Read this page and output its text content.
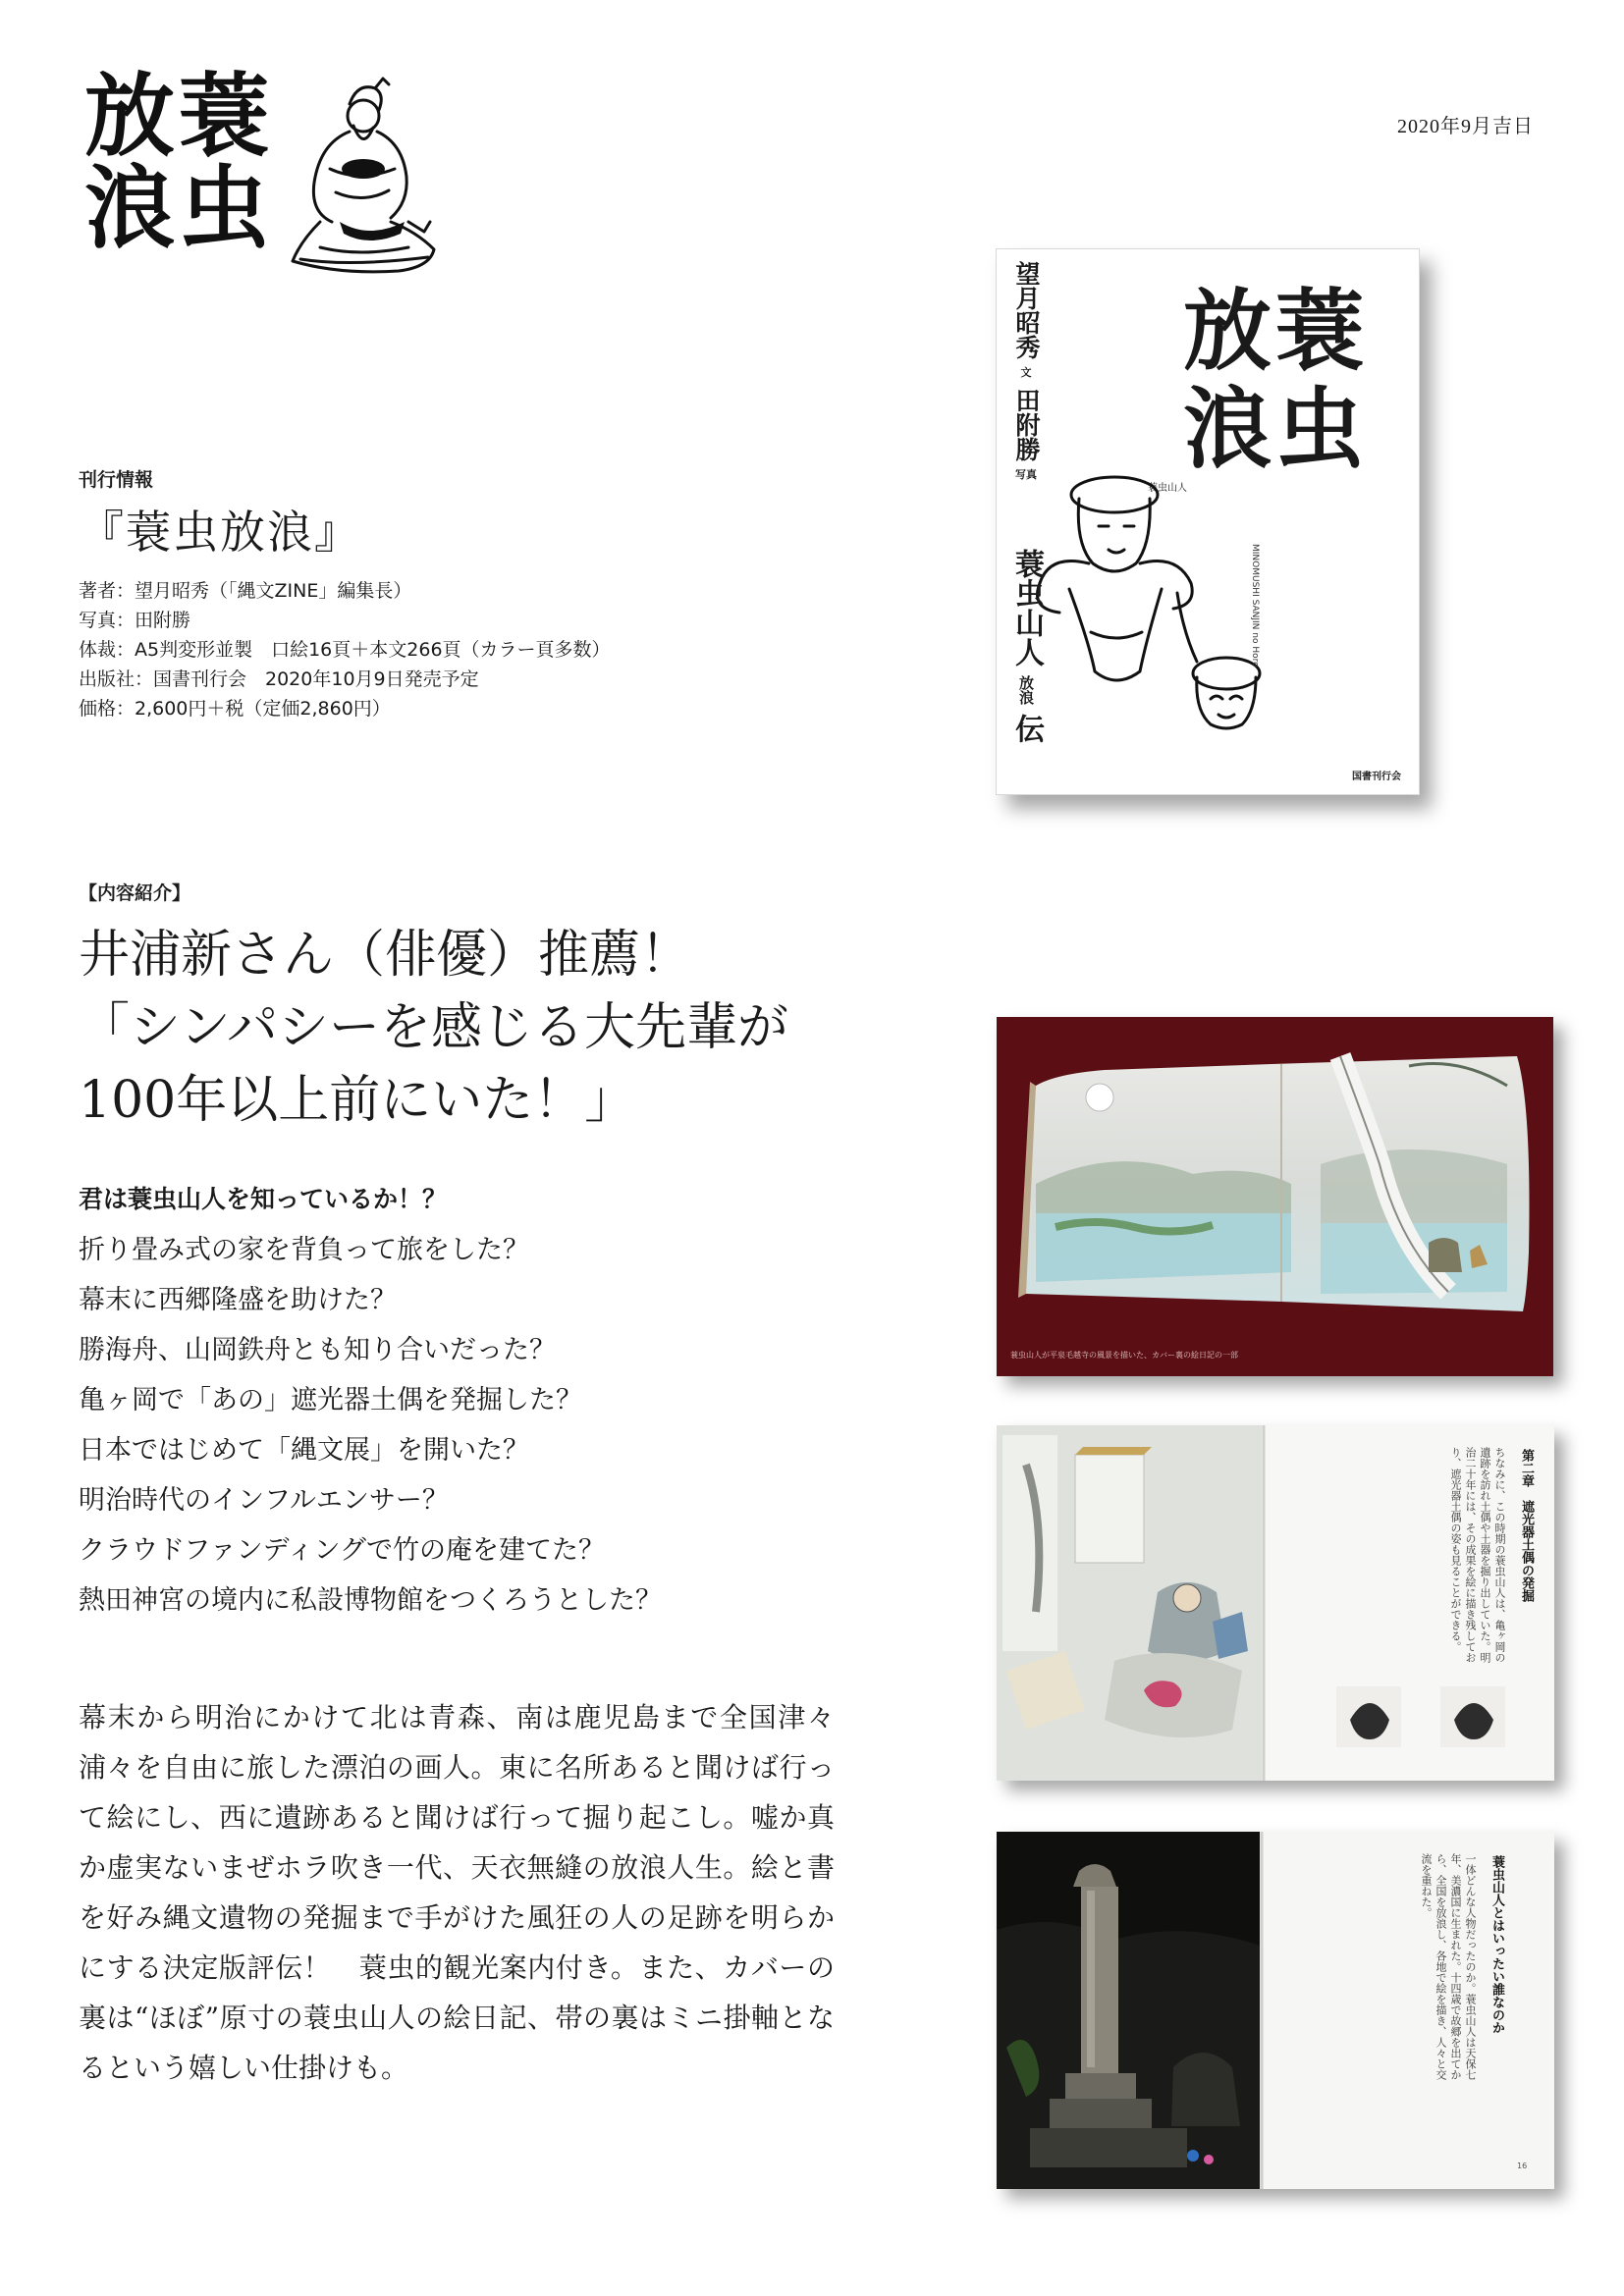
放蓑
浪虫
2020年9月吉日
刊行情報
『蓑虫放浪』
著者：望月昭秀（「縄文ZINE」編集長）
写真：田附勝
体裁：A5判変形並製　口絵16頁＋本文266頁（カラー頁多数）
出版社：国書刊行会　2020年10月9日発売予定
価格：2,600円＋税（定価2,860円）
望月昭秀
文
田附勝
写真
放蓑
浪虫
蓑虫山人
MINOMUSHI SANJIN no Horo
蓑虫山人 放浪 伝
国書刊行会
【内容紹介】
井浦新さん（俳優）推薦！
「シンパシーを感じる大先輩が
100年以上前にいた！」
君は蓑虫山人を知っているか！？
折り畳み式の家を背負って旅をした？
幕末に西郷隆盛を助けた？
勝海舟、山岡鉄舟とも知り合いだった？
亀ヶ岡で「あの」遮光器土偶を発掘した？
日本ではじめて「縄文展」を開いた？
明治時代のインフルエンサー？
クラウドファンディングで竹の庵を建てた？
熱田神宮の境内に私設博物館をつくろうとした？

幕末から明治にかけて北は青森、南は鹿児島まで全国津々浦々を自由に旅した漂泊の画人。東に名所あると聞けば行って絵にし、西に遺跡あると聞けば行って掘り起こし。嘘か真か虚実ないまぜホラ吹き一代、天衣無縫の放浪人生。絵と書を好み縄文遺物の発掘まで手がけた風狂の人の足跡を明らかにする決定版評伝！　蓑虫的観光案内付き。また、カバーの裏は“ほぼ”原寸の蓑虫山人の絵日記、帯の裏はミニ掛軸となるという嬉しい仕掛けも。

蓑虫山人が平泉毛越寺の風景を描いた、カバー裏の絵日記の一部
第二章　遮光器土偶の発掘
ちなみに、この時期の蓑虫山人は、亀ヶ岡の遺跡を訪れ土偶や土器を掘り出していた。明治二十年には、その成果を絵に描き残しており、遮光器土偶の姿も見ることができる。
蓑虫山人とはいったい誰なのか
一体どんな人物だったのか。蓑虫山人は天保七年、美濃国に生まれた。十四歳で故郷を出てから、全国を放浪し、各地で絵を描き、人々と交流を重ねた。
16
